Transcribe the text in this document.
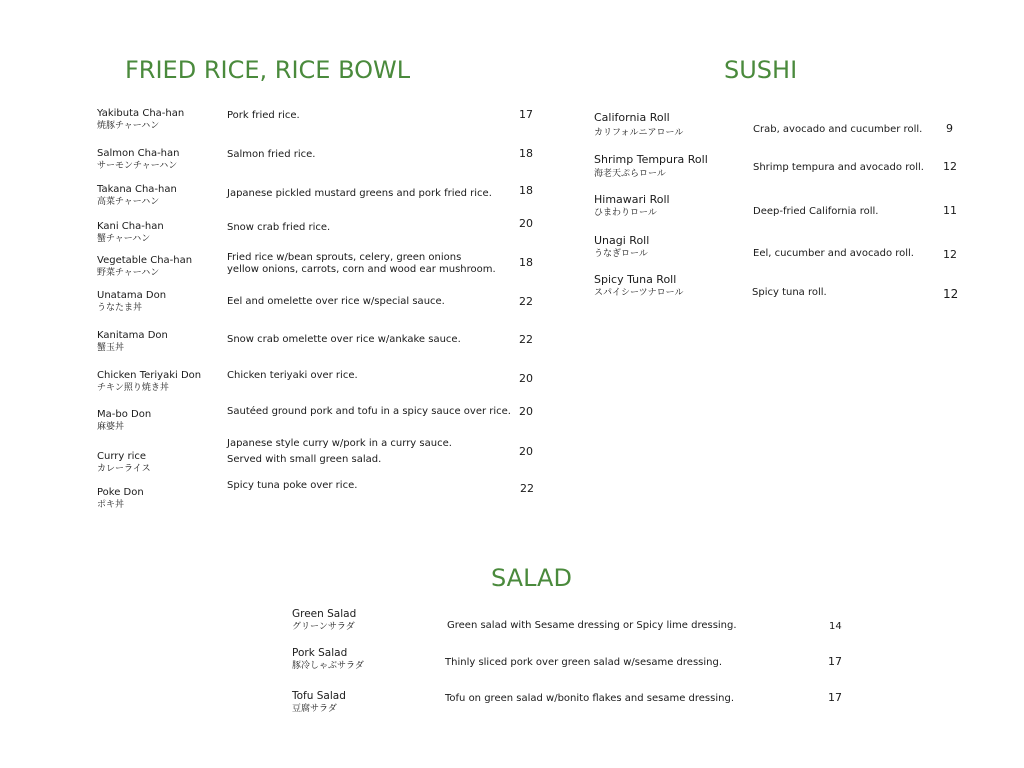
FRIED RICE, RICE BOWL	SUSHI
SALAD
Yakibuta Cha-han
焼豚チャーハン
Pork fried rice.	17
Salmon Cha-han
サーモンチャーハン
Salmon fried rice.	18
Takana Cha-han
高菜チャーハン
Japanese pickled mustard greens and pork fried rice. 18
Kani Cha-han
蟹チャーハン
Snow crab fried rice.	20
Vegetable Cha-han
野菜チャーハン
Fried rice w/bean sprouts, celery, green onions
yellow onions, carrots, corn and wood ear mushroom.
18
Unatama Don
うなたま丼
Eel and omelette over rice w/special sauce.	22
Kanitama Don
蟹玉丼
Snow crab omelette over rice w/ankake sauce.	22
Chicken Teriyaki Don
チキン照り焼き丼
Chicken teriyaki over rice.	20
Ma-bo Don
麻婆丼
Sautéed ground pork and tofu in a spicy sauce over rice. 20
Curry rice
カレーライス
Japanese style curry w/pork in a curry sauce.
Served with small green salad.
20
Poke Don
ポキ丼
Spicy tuna poke over rice.	22
California Roll
カリフォルニアロール	Crab, avocado and cucumber roll. 9
Shrimp Tempura Roll
海老天ぷらロール
Shrimp tempura and avocado roll. 12
Himawari Roll
ひまわりロール	Deep-fried California roll.	11
Unagi Roll
うなぎロール	Eel, cucumber and avocado roll.	12
Spicy Tuna Roll
スパイシーツナロール	Spicy tuna roll.	12
Green Salad
グリーンサラダ	Green salad with Sesame dressing or Spicy lime dressing.	14
Pork Salad
豚冷しゃぶサラダ	Thinly sliced pork over green salad w/sesame dressing.	17
Tofu Salad
豆腐サラダ
Tofu on green salad w/bonito flakes and sesame dressing.	17
